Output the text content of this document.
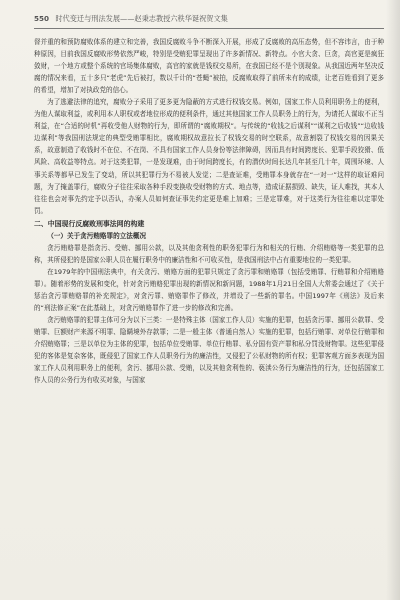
550 时代变迁与刑法发展——赵秉志教授六秩华诞祝贺文集

督并重的和预防腐败体系的建立和完善，我国反腐败斗争不断深入开展，形成了反腐败的高压态势，但不容讳言，由于种种原因，目前我国反腐败形势依然严峻，特别是受贿犯罪呈现出了许多新情况、新特点。小官大贪、巨贪，高官更是疯狂敛财，一个地方或整个系统的官场集体腐败，高官的家就是钱权交易所，在我国已经不是个别现象。从我国近两年坚决反腐的情况来看，五十多只“老虎”先后被打，数以千计的“苍蝇”被拍，反腐败取得了前所未有的成绩，让老百姓看到了更多的希望，增加了对执政党的信心。

为了逃避法律的追究，腐败分子采用了更多更为隐蔽的方式进行权钱交易。例如，国家工作人员利用职务上的便利，为他人谋取利益，或利用本人职权或者地位形成的便利条件，通过其他国家工作人员职务上的行为，为请托人谋取不正当利益，在“合适的时机”再收受他人财物的行为，即所谓的“腐败期权”。与传统的“收钱之后谋利”“谋利之后收钱”“边收钱边谋利”等我国刑法规定的典型受贿罪相比，腐败期权故意拉长了权钱交易的时空联系，故意割裂了权钱交易的因果关系，故意制造了收钱时不在位、不在岗、不具有国家工作人员身份等法律障碍，因而具有时间跨度长、犯罪手段狡猾、低风险、高收益等特点。对于这类犯罪，一是发现难，由于时间跨度长，有的潜伏时间长达几年甚至几十年，周围环境、人事关系等都早已发生了变动，所以其犯罪行为不易被人发觉；二是查证难，受贿罪本身就存在“一对一”这样的取证难问题，为了掩盖罪行，腐败分子往往采取各种手段变换收受财物的方式、地点等，造成证据损毁、缺失，证人难找，其本人往往也会对事先约定予以否认，办案人员如何查证事先约定更是难上加难；三是定罪难，对于这类行为往往难以定罪处罚。

二、中国现行反腐败刑事法网的构建

（一）关于贪污贿赂罪的立法概况

贪污贿赂罪是指贪污、受贿、挪用公款，以及其他贪利性的职务犯罪行为和相关的行贿、介绍贿赂等一类犯罪的总称，其所侵犯的是国家公职人员在履行职务中的廉洁性和不可收买性，是我国刑法中占有重要地位的一类犯罪。

在1979年的中国刑法典中，有关贪污、贿赂方面的犯罪只规定了贪污罪和贿赂罪（包括受贿罪、行贿罪和介绍贿赂罪）。随着形势的发展和变化，针对贪污贿赂犯罪出现的新情况和新问题，1988年1月21日全国人大常委会通过了《关于惩治贪污罪贿赂罪的补充规定》，对贪污罪、贿赂罪作了修改，并增设了一些新的罪名。中国1997年《刑法》及后来的“刑法修正案”在此基础上，对贪污贿赂罪作了进一步的修改和完善。

贪污贿赂罪的犯罪主体可分为以下三类：一是特殊主体（国家工作人员）实施的犯罪，包括贪污罪、挪用公款罪、受贿罪、巨额财产来源不明罪、隐瞒境外存款罪；二是一般主体（普通自然人）实施的犯罪，包括行贿罪、对单位行贿罪和介绍贿赂罪；三是以单位为主体的犯罪，包括单位受贿罪、单位行贿罪、私分国有资产罪和私分罚没财物罪。这些犯罪侵犯的客体是复杂客体，既侵犯了国家工作人员职务行为的廉洁性，又侵犯了公私财物的所有权；犯罪客观方面多表现为国家工作人员利用职务上的便利，贪污、挪用公款、受贿，以及其他贪利性的、亵渎公务行为廉洁性的行为，还包括国家工作人员的公务行为有收买对象，与国家
